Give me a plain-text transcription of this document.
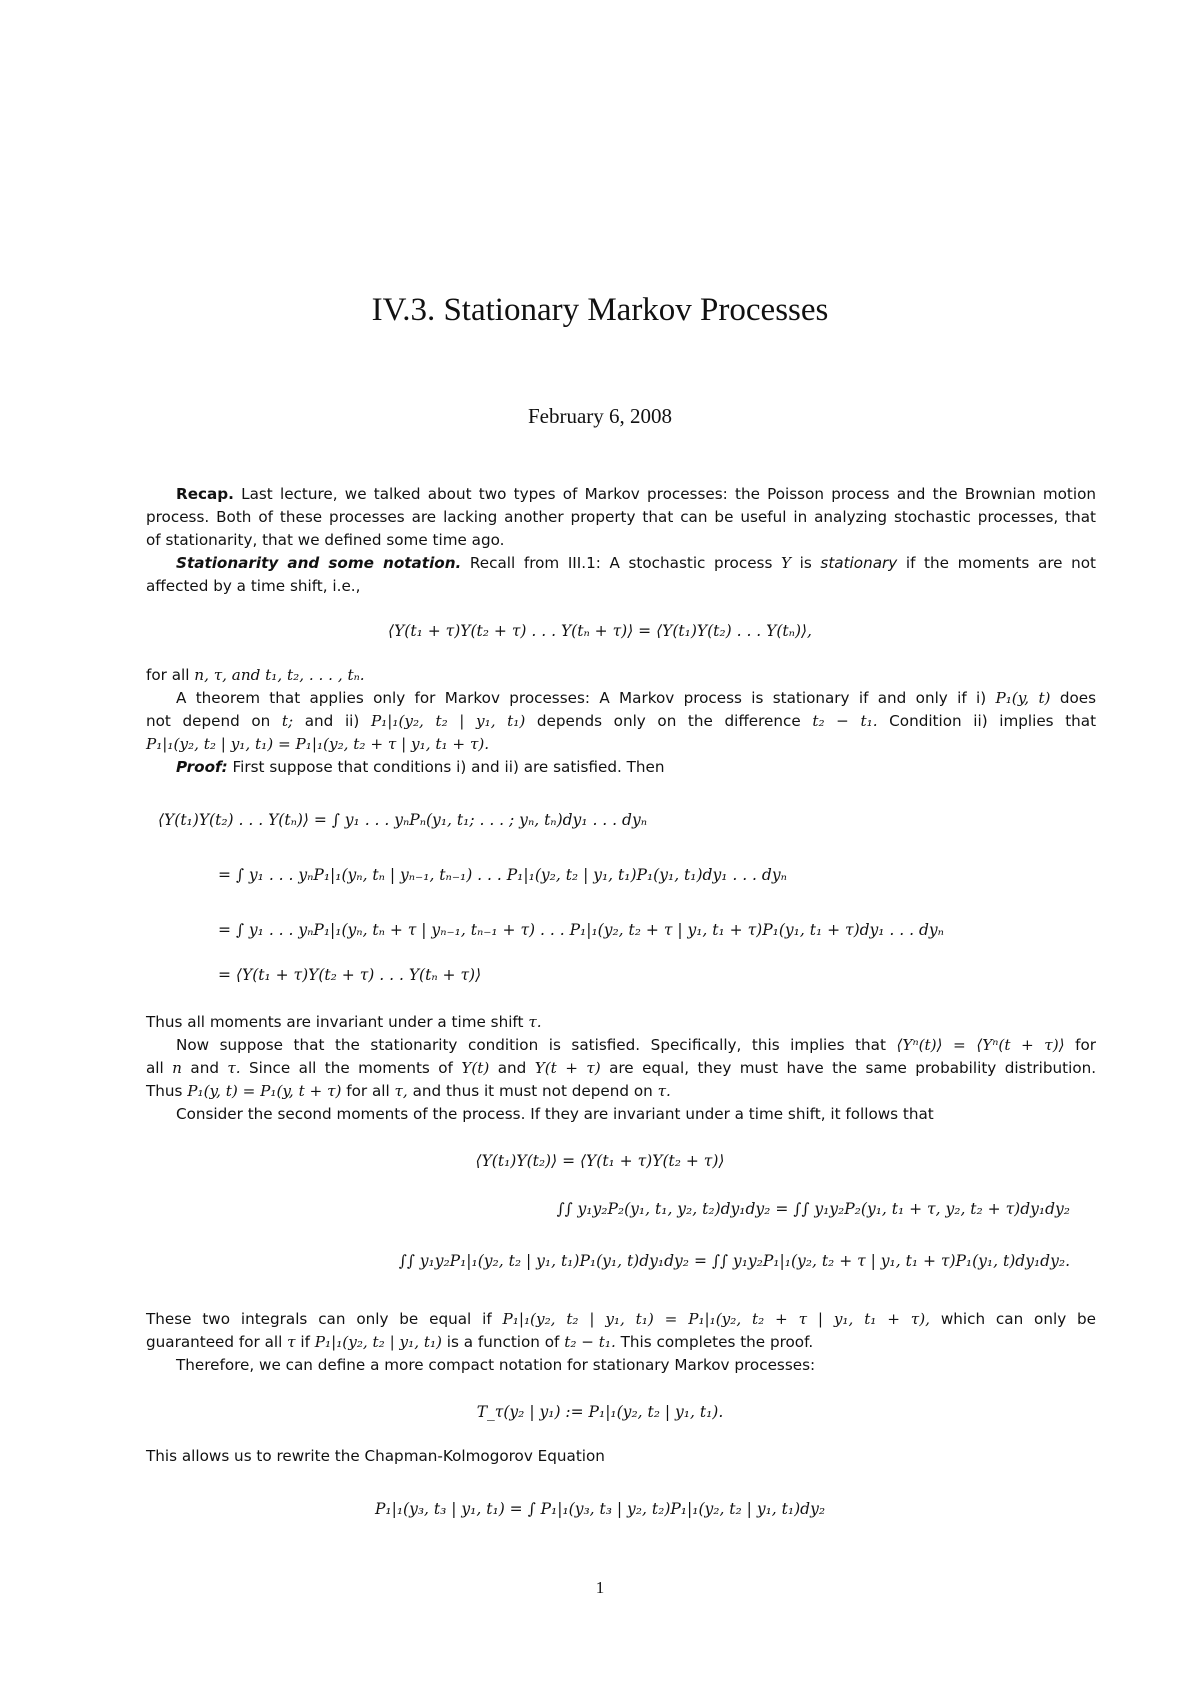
IV.3. Stationary Markov Processes
February 6, 2008
Recap. Last lecture, we talked about two types of Markov processes: the Poisson process and the Brownian motion
process. Both of these processes are lacking another property that can be useful in analyzing stochastic processes, that
of stationarity, that we defined some time ago.
Stationarity and some notation. Recall from III.1: A stochastic process Y is stationary if the moments are not
affected by a time shift, i.e.,
⟨Y(t₁ + τ)Y(t₂ + τ) . . . Y(tₙ + τ)⟩ = ⟨Y(t₁)Y(t₂) . . . Y(tₙ)⟩,
for all n, τ, and t₁, t₂, . . . , tₙ.
A theorem that applies only for Markov processes: A Markov process is stationary if and only if i) P₁(y, t) does
not depend on t; and ii) P₁|₁(y₂, t₂ | y₁, t₁) depends only on the difference t₂ − t₁. Condition ii) implies that
P₁|₁(y₂, t₂ | y₁, t₁) = P₁|₁(y₂, t₂ + τ | y₁, t₁ + τ).
Proof: First suppose that conditions i) and ii) are satisfied. Then
⟨Y(t₁)Y(t₂) . . . Y(tₙ)⟩ = ∫ y₁ . . . yₙPₙ(y₁, t₁; . . . ; yₙ, tₙ)dy₁ . . . dyₙ
= ∫ y₁ . . . yₙP₁|₁(yₙ, tₙ | yₙ₋₁, tₙ₋₁) . . . P₁|₁(y₂, t₂ | y₁, t₁)P₁(y₁, t₁)dy₁ . . . dyₙ
= ∫ y₁ . . . yₙP₁|₁(yₙ, tₙ + τ | yₙ₋₁, tₙ₋₁ + τ) . . . P₁|₁(y₂, t₂ + τ | y₁, t₁ + τ)P₁(y₁, t₁ + τ)dy₁ . . . dyₙ
= ⟨Y(t₁ + τ)Y(t₂ + τ) . . . Y(tₙ + τ)⟩
Thus all moments are invariant under a time shift τ.
Now suppose that the stationarity condition is satisfied. Specifically, this implies that ⟨Yⁿ(t)⟩ = ⟨Yⁿ(t + τ)⟩ for
all n and τ. Since all the moments of Y(t) and Y(t + τ) are equal, they must have the same probability distribution.
Thus P₁(y, t) = P₁(y, t + τ) for all τ, and thus it must not depend on τ.
Consider the second moments of the process. If they are invariant under a time shift, it follows that
⟨Y(t₁)Y(t₂)⟩ = ⟨Y(t₁ + τ)Y(t₂ + τ)⟩
∫∫ y₁y₂P₂(y₁, t₁, y₂, t₂)dy₁dy₂ = ∫∫ y₁y₂P₂(y₁, t₁ + τ, y₂, t₂ + τ)dy₁dy₂
∫∫ y₁y₂P₁|₁(y₂, t₂ | y₁, t₁)P₁(y₁, t)dy₁dy₂ = ∫∫ y₁y₂P₁|₁(y₂, t₂ + τ | y₁, t₁ + τ)P₁(y₁, t)dy₁dy₂.
These two integrals can only be equal if P₁|₁(y₂, t₂ | y₁, t₁) = P₁|₁(y₂, t₂ + τ | y₁, t₁ + τ), which can only be
guaranteed for all τ if P₁|₁(y₂, t₂ | y₁, t₁) is a function of t₂ − t₁. This completes the proof.
Therefore, we can define a more compact notation for stationary Markov processes:
T_τ(y₂ | y₁) := P₁|₁(y₂, t₂ | y₁, t₁).
This allows us to rewrite the Chapman-Kolmogorov Equation
P₁|₁(y₃, t₃ | y₁, t₁) = ∫ P₁|₁(y₃, t₃ | y₂, t₂)P₁|₁(y₂, t₂ | y₁, t₁)dy₂
1
